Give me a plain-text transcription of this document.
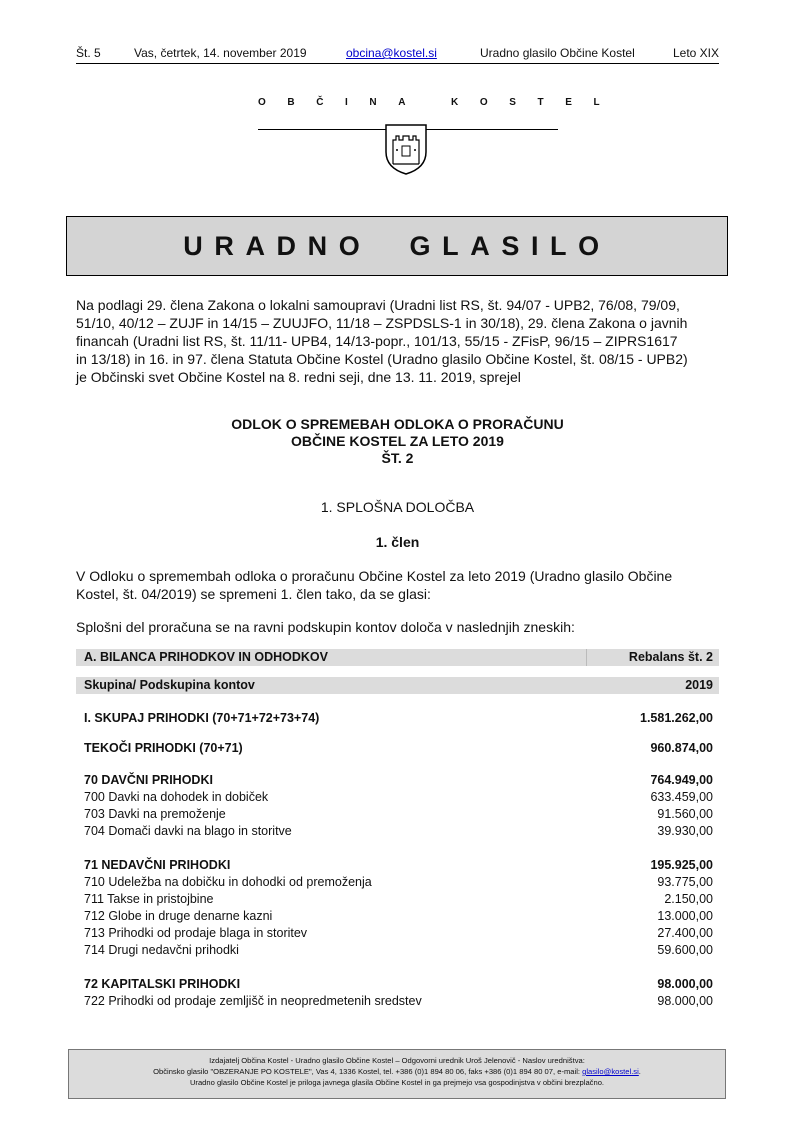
Št. 5	Vas, četrtek, 14. november 2019	obcina@kostel.si	Uradno glasilo Občine Kostel	Leto XIX
OBČINA KOSTEL
URADNO  GLASILO
Na podlagi 29. člena Zakona o lokalni samoupravi (Uradni list RS, št. 94/07 - UPB2, 76/08, 79/09,
51/10, 40/12 – ZUJF in 14/15 – ZUUJFO, 11/18 – ZSPDSLS-1 in 30/18), 29. člena Zakona o javnih
financah (Uradni list RS, št. 11/11- UPB4, 14/13-popr., 101/13, 55/15 - ZFisP, 96/15 – ZIPRS1617
in 13/18) in 16. in 97. člena Statuta Občine Kostel (Uradno glasilo Občine Kostel, št. 08/15 - UPB2)
je Občinski svet Občine Kostel na 8. redni seji, dne 13. 11. 2019, sprejel
ODLOK O SPREMEBAH ODLOKA O PRORAČUNU
OBČINE KOSTEL ZA LETO 2019
ŠT. 2
1. SPLOŠNA DOLOČBA
1. člen
V Odloku o spremembah odloka o proračunu Občine Kostel za leto 2019 (Uradno glasilo Občine
Kostel, št. 04/2019) se spremeni 1. člen tako, da se glasi:
Splošni del proračuna se na ravni podskupin kontov določa v naslednjih zneskih:
A. BILANCA PRIHODKOV IN ODHODKOV	Rebalans št. 2
Skupina/ Podskupina kontov	2019
I. SKUPAJ PRIHODKI (70+71+72+73+74)	1.581.262,00
TEKOČI PRIHODKI (70+71)	960.874,00
70 DAVČNI PRIHODKI	764.949,00
700 Davki na dohodek in dobiček	633.459,00
703 Davki na premoženje	91.560,00
704 Domači davki na blago in storitve	39.930,00
71 NEDAVČNI PRIHODKI	195.925,00
710 Udeležba na dobičku in dohodki od premoženja	93.775,00
711 Takse in pristojbine	2.150,00
712 Globe in druge denarne kazni	13.000,00
713 Prihodki od prodaje blaga in storitev	27.400,00
714 Drugi nedavčni prihodki	59.600,00
72 KAPITALSKI PRIHODKI	98.000,00
722 Prihodki od prodaje zemljišč in neopredmetenih sredstev	98.000,00
Izdajatelj Občina Kostel - Uradno glasilo Občine Kostel – Odgovorni urednik Uroš Jelenovič - Naslov uredništva:
Občinsko glasilo "OBZERANJE PO KOSTELE", Vas 4, 1336 Kostel, tel. +386 (0)1 894 80 06, faks +386 (0)1 894 80 07, e-mail: glasilo@kostel.si.
Uradno glasilo Občine Kostel je priloga javnega glasila Občine Kostel in ga prejmejo vsa gospodinjstva v občini brezplačno.
